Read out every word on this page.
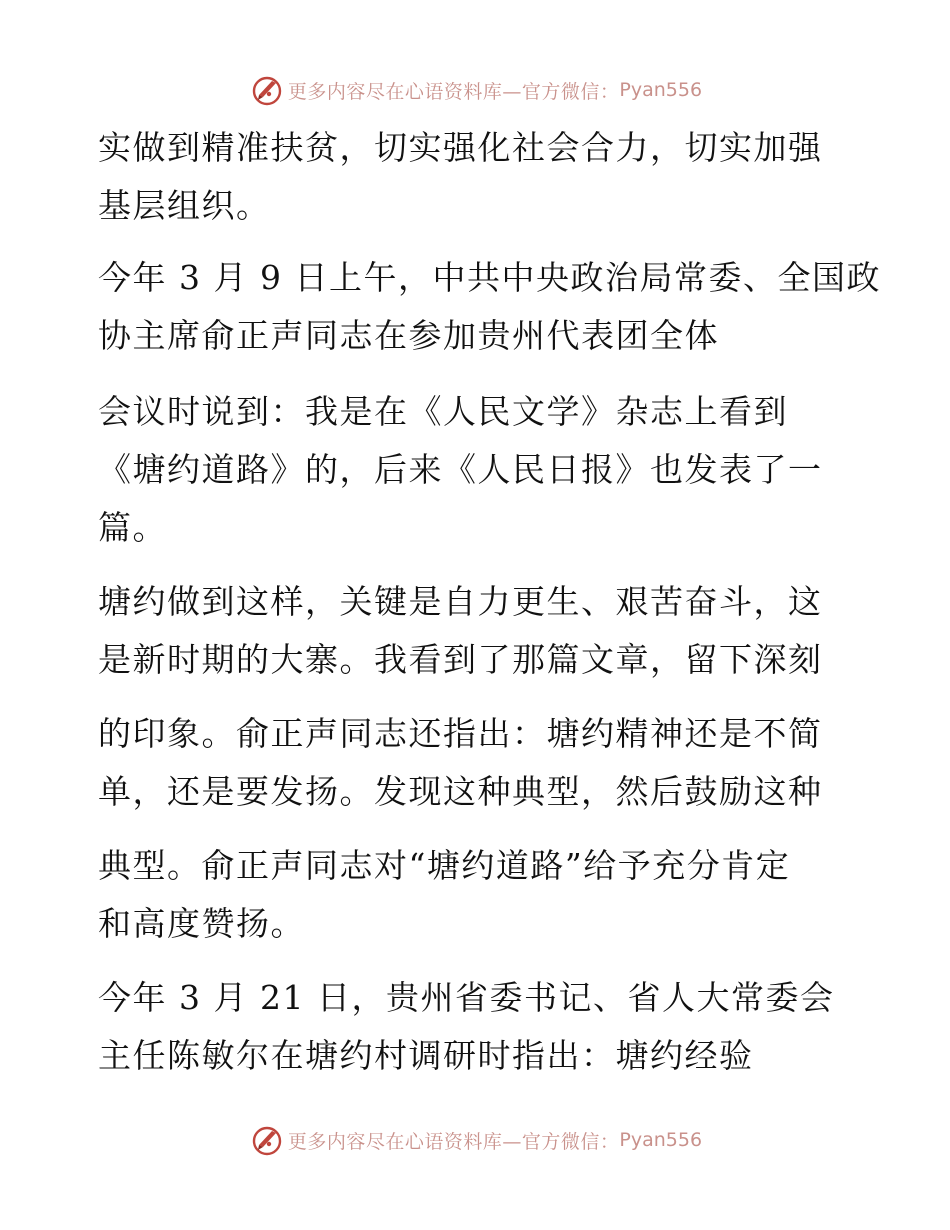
更多内容尽在心语资料库—官方微信： Pyan556

实做到精准扶贫，切实强化社会合力，切实加强

基层组织。

今年 3 月 9 日上午，中共中央政治局常委、全国政

协主席俞正声同志在参加贵州代表团全体

会议时说到：我是在《人民文学》杂志上看到

《塘约道路》的，后来《人民日报》也发表了一

篇。

塘约做到这样，关键是自力更生、艰苦奋斗，这

是新时期的大寨。我看到了那篇文章，留下深刻

的印象。俞正声同志还指出：塘约精神还是不简

单，还是要发扬。发现这种典型，然后鼓励这种

典型。俞正声同志对“塘约道路”给予充分肯定

和高度赞扬。

今年 3 月 21 日，贵州省委书记、省人大常委会

主任陈敏尔在塘约村调研时指出：塘约经验

更多内容尽在心语资料库—官方微信： Pyan556
